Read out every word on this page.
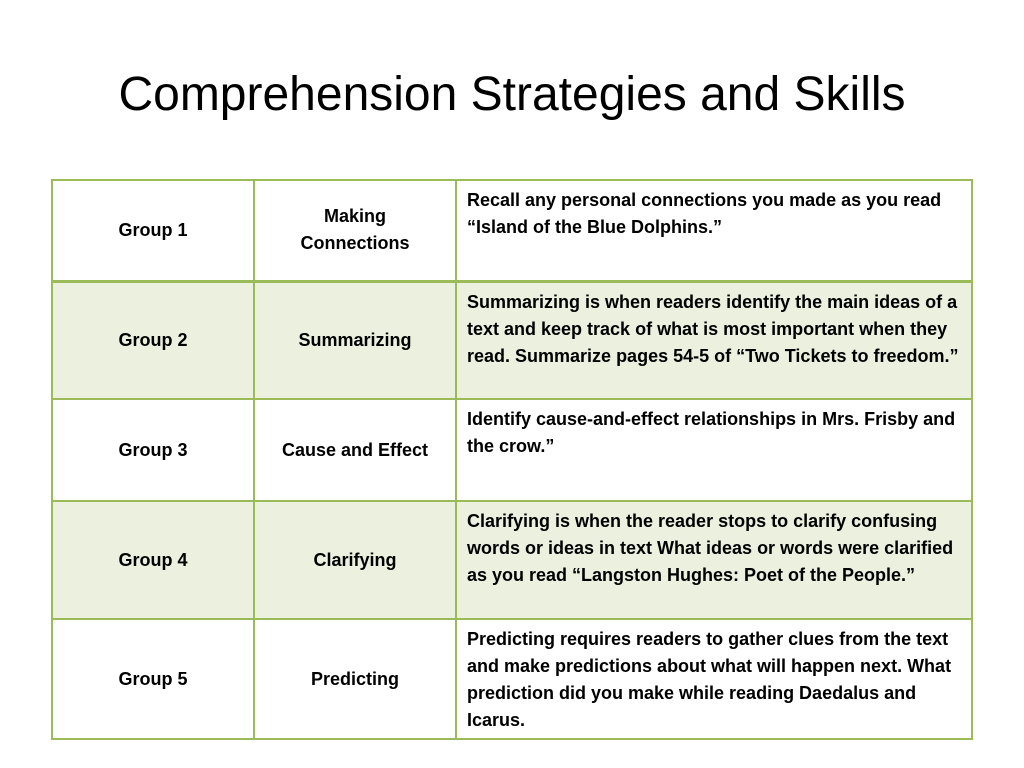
Comprehension Strategies and Skills
Group 1	Making Connections	Recall any personal connections you made as you read “Island of the Blue Dolphins.”
Group 2	Summarizing	Summarizing is when readers identify the main ideas of a text and keep track of what is most important when they read. Summarize pages 54-5 of “Two Tickets to freedom.”
Group 3	Cause and Effect	Identify cause-and-effect relationships in Mrs. Frisby and the crow.”
Group 4	Clarifying	Clarifying is when the reader stops to clarify confusing words or ideas in text What ideas or words were clarified as you read “Langston Hughes: Poet of the People.”
Group 5	Predicting	Predicting requires readers to gather clues from the text and make predictions about what will happen next. What prediction did you make while reading Daedalus and Icarus.
